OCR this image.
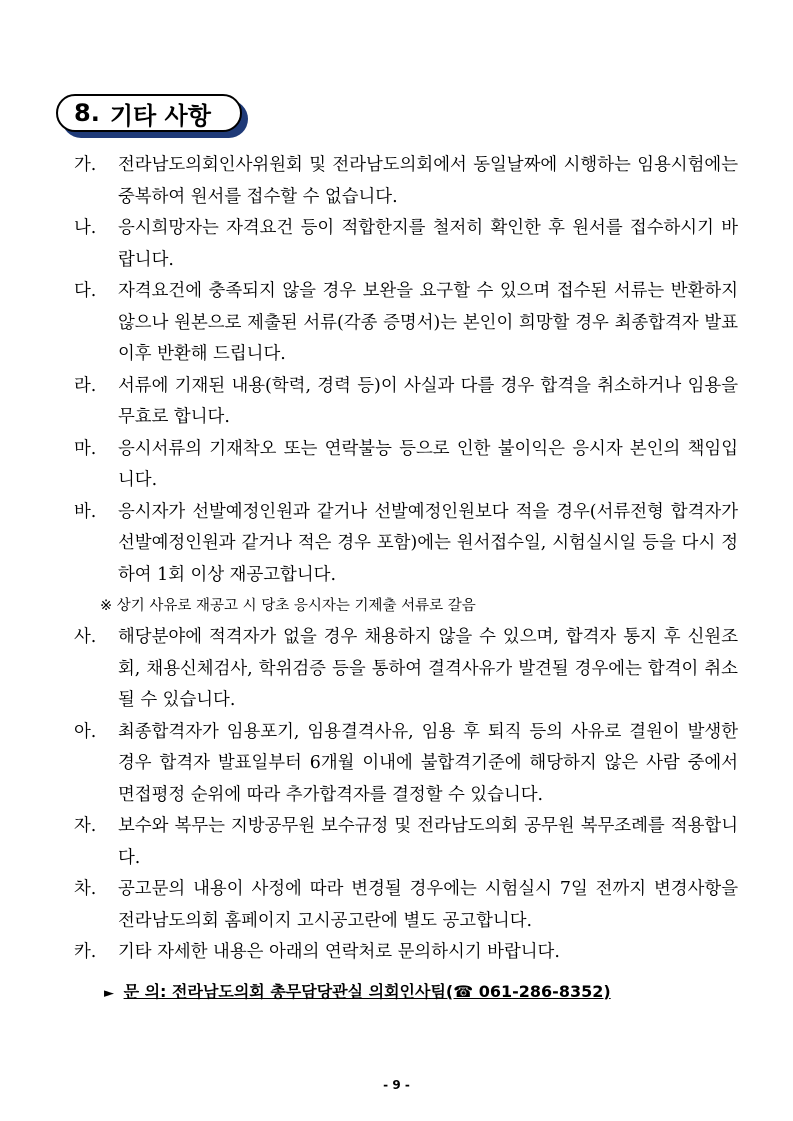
8. 기타 사항
가. 전라남도의회인사위원회 및 전라남도의회에서 동일날짜에 시행하는 임용시험에는 중복하여 원서를 접수할 수 없습니다.
나. 응시희망자는 자격요건 등이 적합한지를 철저히 확인한 후 원서를 접수하시기 바랍니다.
다. 자격요건에 충족되지 않을 경우 보완을 요구할 수 있으며 접수된 서류는 반환하지 않으나 원본으로 제출된 서류(각종 증명서)는 본인이 희망할 경우 최종합격자 발표 이후 반환해 드립니다.
라. 서류에 기재된 내용(학력, 경력 등)이 사실과 다를 경우 합격을 취소하거나 임용을 무효로 합니다.
마. 응시서류의 기재착오 또는 연락불능 등으로 인한 불이익은 응시자 본인의 책임입니다.
바. 응시자가 선발예정인원과 같거나 선발예정인원보다 적을 경우(서류전형 합격자가 선발예정인원과 같거나 적은 경우 포함)에는 원서접수일, 시험실시일 등을 다시 정하여 1회 이상 재공고합니다.
※ 상기 사유로 재공고 시 당초 응시자는 기제출 서류로 갈음
사. 해당분야에 적격자가 없을 경우 채용하지 않을 수 있으며, 합격자 통지 후 신원조회, 채용신체검사, 학위검증 등을 통하여 결격사유가 발견될 경우에는 합격이 취소될 수 있습니다.
아. 최종합격자가 임용포기, 임용결격사유, 임용 후 퇴직 등의 사유로 결원이 발생한 경우 합격자 발표일부터 6개월 이내에 불합격기준에 해당하지 않은 사람 중에서 면접평정 순위에 따라 추가합격자를 결정할 수 있습니다.
자. 보수와 복무는 지방공무원 보수규정 및 전라남도의회 공무원 복무조례를 적용합니다.
차. 공고문의 내용이 사정에 따라 변경될 경우에는 시험실시 7일 전까지 변경사항을 전라남도의회 홈페이지 고시공고란에 별도 공고합니다.
카. 기타 자세한 내용은 아래의 연락처로 문의하시기 바랍니다.
► 문 의: 전라남도의회 총무담당관실 의회인사팀(☎ 061-286-8352)
- 9 -
